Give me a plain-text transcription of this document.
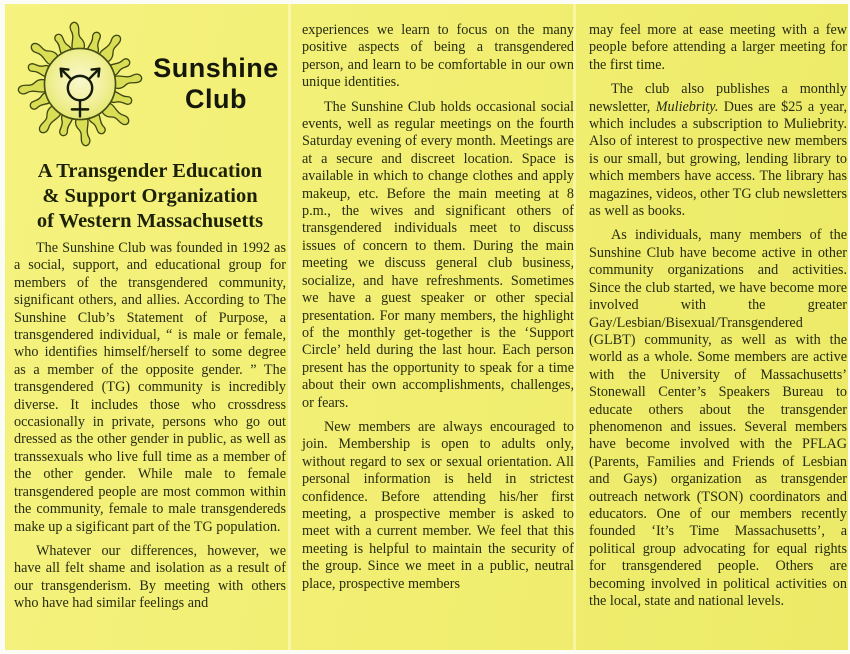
Sunshine
Club
A Transgender Education
& Support Organization
of Western Massachusetts

The Sunshine Club was founded in 1992 as a social, support, and educational group for members of the transgendered community, significant others, and allies. According to The Sunshine Club’s Statement of Purpose, a transgendered individual, “ is male or female, who identifies himself/herself to some degree as a member of the opposite gender. ” The transgendered (TG) community is incredibly diverse. It includes those who crossdress occasionally in private, persons who go out dressed as the other gender in public, as well as transsexuals who live full time as a member of the other gender. While male to female transgendered people are most common within the community, female to male transgendereds make up a sigificant part of the TG population.

Whatever our differences, however, we have all felt shame and isolation as a result of our transgenderism. By meeting with others who have had similar feelings and

experiences we learn to focus on the many positive aspects of being a transgendered person, and learn to be comfortable in our own unique identities.

The Sunshine Club holds occasional social events, well as regular meetings on the fourth Saturday evening of every month. Meetings are at a secure and discreet location. Space is available in which to change clothes and apply makeup, etc. Before the main meeting at 8 p.m., the wives and significant others of transgendered individuals meet to discuss issues of concern to them. During the main meeting we discuss general club business, socialize, and have refreshments. Sometimes we have a guest speaker or other special presentation. For many members, the highlight of the monthly get-together is the ‘Support Circle’ held during the last hour. Each person present has the opportunity to speak for a time about their own accomplishments, challenges, or fears.

New members are always encouraged to join. Membership is open to adults only, without regard to sex or sexual orientation. All personal information is held in strictest confidence. Before attending his/her first meeting, a prospective member is asked to meet with a current member. We feel that this meeting is helpful to maintain the security of the group. Since we meet in a public, neutral place, prospective members

may feel more at ease meeting with a few people before attending a larger meeting for the first time.

The club also publishes a monthly newsletter, Muliebrity. Dues are $25 a year, which includes a subscription to Muliebrity. Also of interest to prospective new members is our small, but growing, lending library to which members have access. The library has magazines, videos, other TG club newsletters as well as books.

As individuals, many members of the Sunshine Club have become active in other community organizations and activities. Since the club started, we have become more involved with the greater Gay/Lesbian/Bisexual/Transgendered (GLBT) community, as well as with the world as a whole. Some members are active with the University of Massachusetts’ Stonewall Center’s Speakers Bureau to educate others about the transgender phenomenon and issues. Several members have become involved with the PFLAG (Parents, Families and Friends of Lesbian and Gays) organization as transgender outreach network (TSON) coordinators and educators. One of our members recently founded ‘It’s Time Massachusetts’, a political group advocating for equal rights for transgendered people. Others are becoming involved in political activities on the local, state and national levels.
